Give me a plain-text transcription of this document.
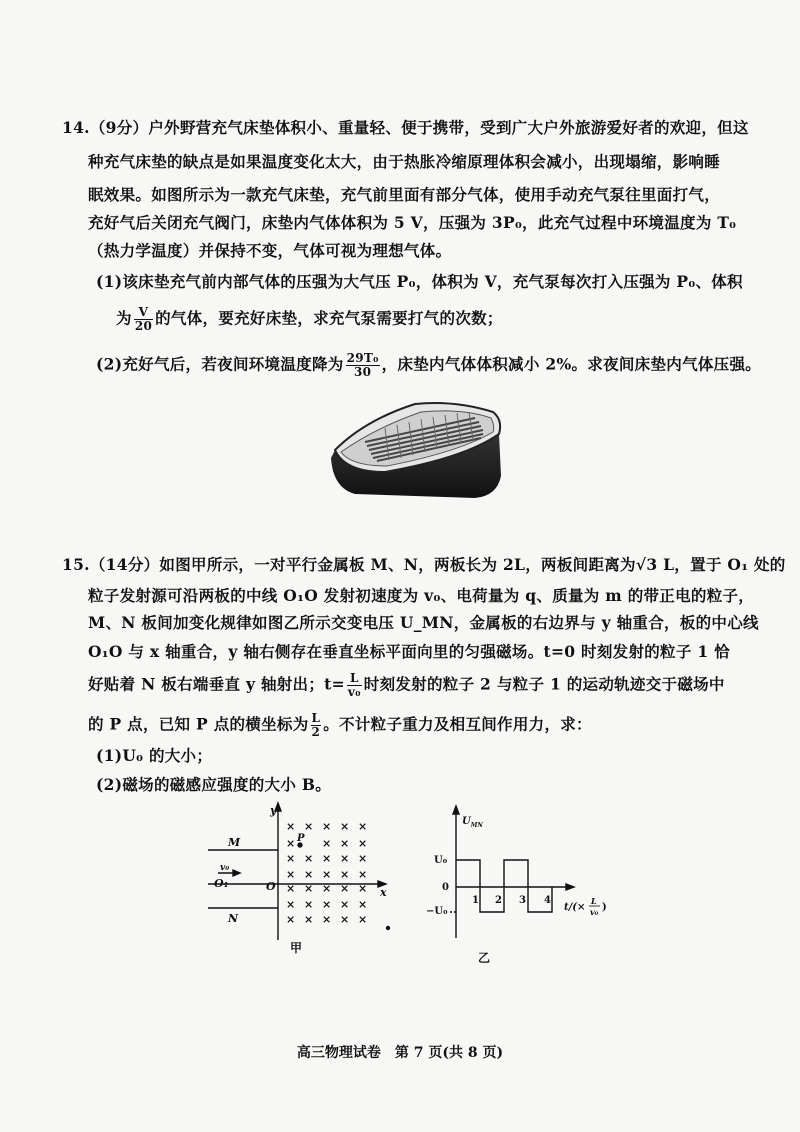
14.（9分）户外野营充气床垫体积小、重量轻、便于携带，受到广大户外旅游爱好者的欢迎，但这
种充气床垫的缺点是如果温度变化太大，由于热胀冷缩原理体积会减小，出现塌缩，影响睡
眠效果。如图所示为一款充气床垫，充气前里面有部分气体，使用手动充气泵往里面打气，
充好气后关闭充气阀门，床垫内气体体积为 5 V，压强为 3P₀，此充气过程中环境温度为 T₀
（热力学温度）并保持不变，气体可视为理想气体。
(1)该床垫充气前内部气体的压强为大气压 P₀，体积为 V，充气泵每次打入压强为 P₀、体积
为 $\frac{V}{20}$ 的气体，要充好床垫，求充气泵需要打气的次数；
(2)充好气后，若夜间环境温度降为 $\frac{\text{29T₀}}{30}$ ，床垫内气体体积减小 2%。求夜间床垫内气体压强。
15.（14分）如图甲所示，一对平行金属板 M、N，两板长为 2L，两板间距离为√3 L，置于 O₁ 处的
粒子发射源可沿两板的中线 O₁O 发射初速度为 v₀、电荷量为 q、质量为 m 的带正电的粒子，
M、N 板间加变化规律如图乙所示交变电压 U_MN，金属板的右边界与 y 轴重合，板的中心线
O₁O 与 x 轴重合，y 轴右侧存在垂直坐标平面向里的匀强磁场。t=0 时刻发射的粒子 1 恰
好贴着 N 板右端垂直 y 轴射出；$t= \frac{L}{\text{v₀}}$ 时刻发射的粒子 2 与粒子 1 的运动轨迹交于磁场中
的 P 点，已知 P 点的横坐标为 $\frac{L}{2}$ 。不计粒子重力及相互间作用力，求：
(1)U₀ 的大小；
(2)磁场的磁感应强度的大小 B。
× × × × ×
× × × ×
× × × × ×
× × × × ×
× × × × ×
× × × × ×
× × × × ×
y
x
M
N
O₁	O
v₀
P
甲
$U_{MN}$
U₀
0
−U₀
1 2 3 4
t/(×
L
v₀ )
乙
高三物理试卷　第 7 页(共 8 页)
